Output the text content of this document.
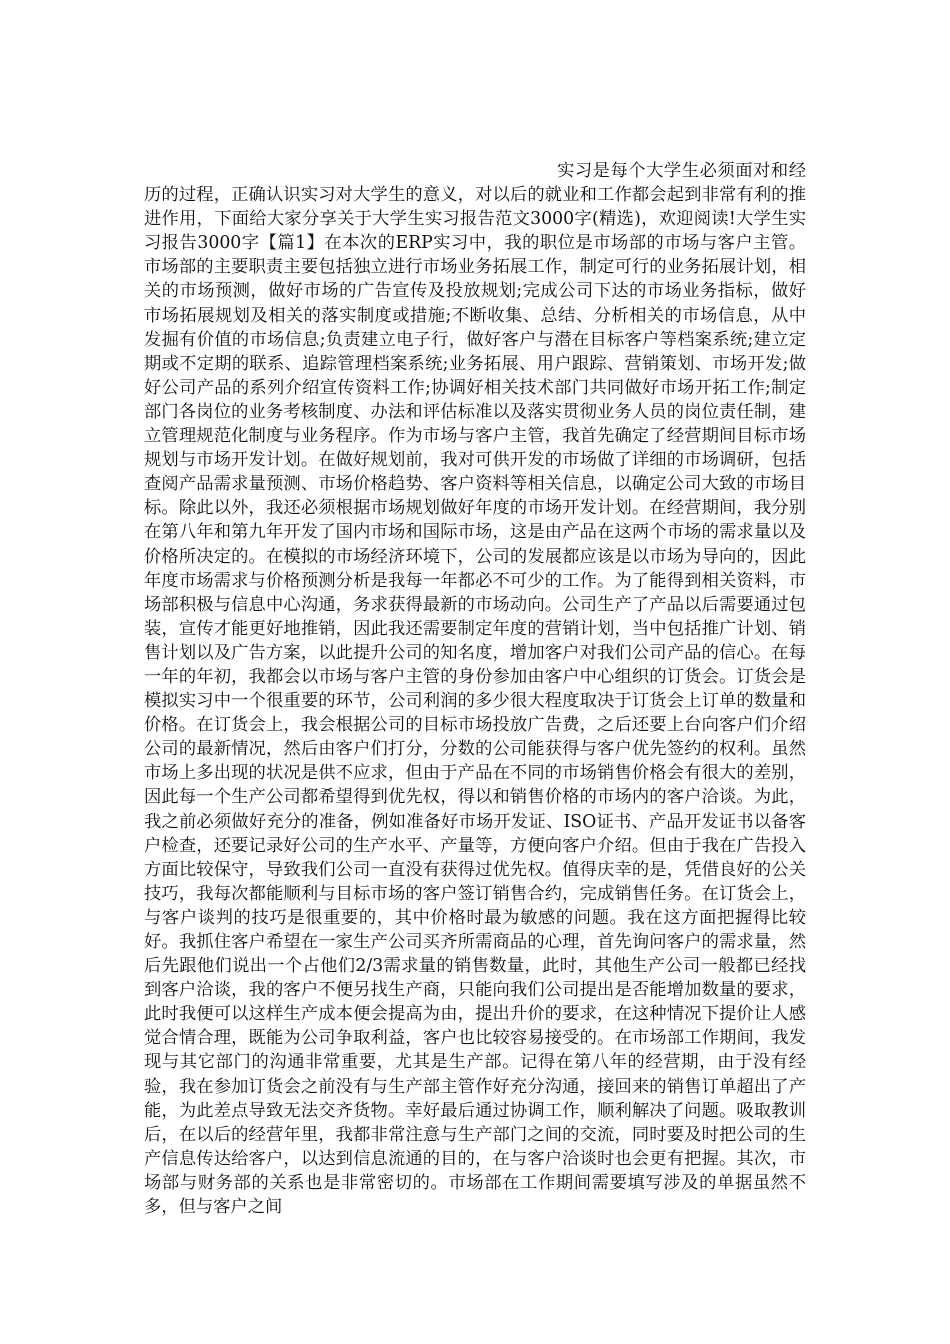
实习是每个大学生必须面对和经历的过程，正确认识实习对大学生的意义，对以后的就业和工作都会起到非常有利的推进作用，下面给大家分享关于大学生实习报告范文3000字(精选)，欢迎阅读!大学生实习报告3000字【篇1】在本次的ERP实习中，我的职位是市场部的市场与客户主管。市场部的主要职责主要包括独立进行市场业务拓展工作，制定可行的业务拓展计划，相关的市场预测，做好市场的广告宣传及投放规划;完成公司下达的市场业务指标，做好市场拓展规划及相关的落实制度或措施;不断收集、总结、分析相关的市场信息，从中发掘有价值的市场信息;负责建立电子行，做好客户与潜在目标客户等档案系统;建立定期或不定期的联系、追踪管理档案系统;业务拓展、用户跟踪、营销策划、市场开发;做好公司产品的系列介绍宣传资料工作;协调好相关技术部门共同做好市场开拓工作;制定部门各岗位的业务考核制度、办法和评估标准以及落实贯彻业务人员的岗位责任制，建立管理规范化制度与业务程序。作为市场与客户主管，我首先确定了经营期间目标市场规划与市场开发计划。在做好规划前，我对可供开发的市场做了详细的市场调研，包括查阅产品需求量预测、市场价格趋势、客户资料等相关信息，以确定公司大致的市场目标。除此以外，我还必须根据市场规划做好年度的市场开发计划。在经营期间，我分别在第八年和第九年开发了国内市场和国际市场，这是由产品在这两个市场的需求量以及价格所决定的。在模拟的市场经济环境下，公司的发展都应该是以市场为导向的，因此年度市场需求与价格预测分析是我每一年都必不可少的工作。为了能得到相关资料，市场部积极与信息中心沟通，务求获得最新的市场动向。公司生产了产品以后需要通过包装，宣传才能更好地推销，因此我还需要制定年度的营销计划，当中包括推广计划、销售计划以及广告方案，以此提升公司的知名度，增加客户对我们公司产品的信心。在每一年的年初，我都会以市场与客户主管的身份参加由客户中心组织的订货会。订货会是模拟实习中一个很重要的环节，公司利润的多少很大程度取决于订货会上订单的数量和价格。在订货会上，我会根据公司的目标市场投放广告费，之后还要上台向客户们介绍公司的最新情况，然后由客户们打分，分数的公司能获得与客户优先签约的权利。虽然市场上多出现的状况是供不应求，但由于产品在不同的市场销售价格会有很大的差别，因此每一个生产公司都希望得到优先权，得以和销售价格的市场内的客户洽谈。为此，我之前必须做好充分的准备，例如准备好市场开发证、ISO证书、产品开发证书以备客户检查，还要记录好公司的生产水平、产量等，方便向客户介绍。但由于我在广告投入方面比较保守，导致我们公司一直没有获得过优先权。值得庆幸的是，凭借良好的公关技巧，我每次都能顺利与目标市场的客户签订销售合约，完成销售任务。在订货会上，与客户谈判的技巧是很重要的，其中价格时最为敏感的问题。我在这方面把握得比较好。我抓住客户希望在一家生产公司买齐所需商品的心理，首先询问客户的需求量，然后先跟他们说出一个占他们2/3需求量的销售数量，此时，其他生产公司一般都已经找到客户洽谈，我的客户不便另找生产商，只能向我们公司提出是否能增加数量的要求，此时我便可以这样生产成本便会提高为由，提出升价的要求，在这种情况下提价让人感觉合情合理，既能为公司争取利益，客户也比较容易接受的。在市场部工作期间，我发现与其它部门的沟通非常重要，尤其是生产部。记得在第八年的经营期，由于没有经验，我在参加订货会之前没有与生产部主管作好充分沟通，接回来的销售订单超出了产能，为此差点导致无法交齐货物。幸好最后通过协调工作，顺利解决了问题。吸取教训后，在以后的经营年里，我都非常注意与生产部门之间的交流，同时要及时把公司的生产信息传达给客户，以达到信息流通的目的，在与客户洽谈时也会更有把握。其次，市场部与财务部的关系也是非常密切的。市场部在工作期间需要填写涉及的单据虽然不多，但与客户之间
